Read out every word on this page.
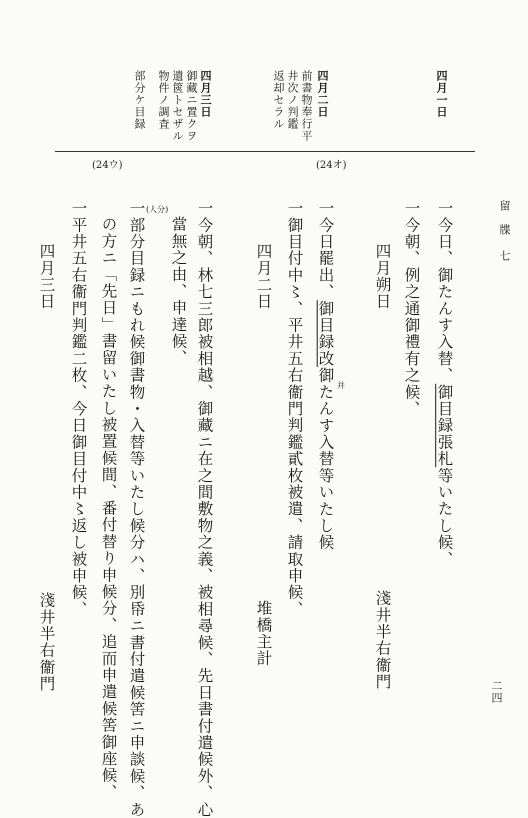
留　牒 七
二四
四月一日
四月二日
前書物奉行平
井次ノ判鑑
返却セラル
四月三日
御藏ニ置クヲ
遺篋トセザル
物件ノ調査
部分ケ目録
(24オ)
(24ウ)
一今日、御たんす入替、御目録張札等いたし候、
一今朝、例之通御禮有之候、
四月朔日
淺井半右衞門
一今日罷出、御目録改御たんす入替等いたし候 并
一御目付中〻、平井五右衞門判鑑貳枚被遣、請取申候、
四月二日
堆橋主計
一今朝、林七三郎被相越、御藏ニ在之間敷物之義、被相尋候、先日書付遣候外、心
當無之由、申達候、
(人分)
一部分目録ニもれ候御書物・入替等いたし候分ハ、別帋ニ書付遣候筈ニ申談候、あ
の方ニ「先日」書留いたし被置候間、番付替り申候分、追而申遣候筈御座候、
一平井五右衞門判鑑二枚、今日御目付中〻返し被申候、
四月三日
淺井半右衞門
